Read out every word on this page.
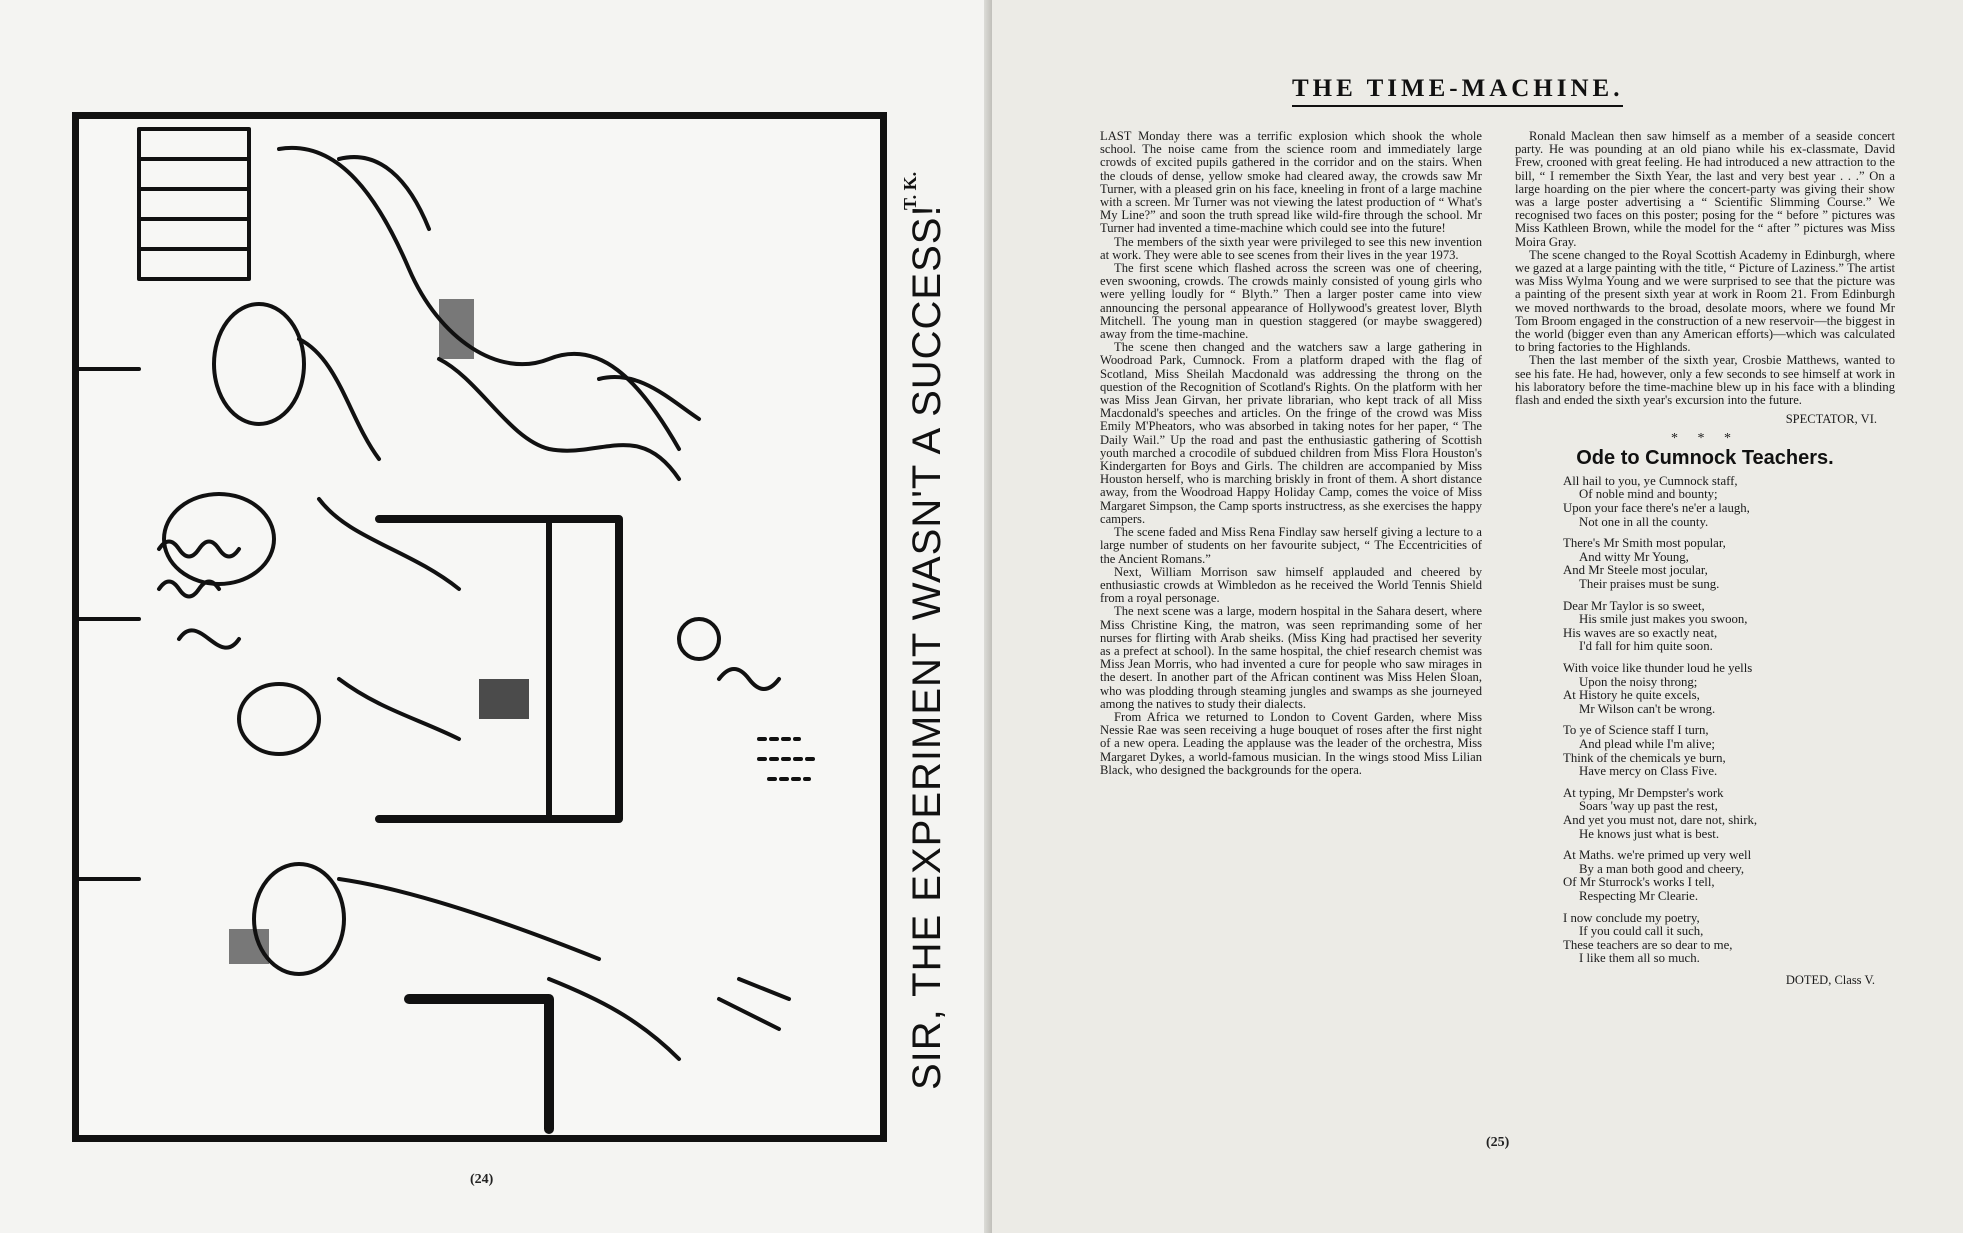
T. K.
SIR, THE EXPERIMENT WASN'T A SUCCESS!
(24)
THE TIME-MACHINE.

LAST Monday there was a terrific explosion which shook the whole school. The noise came from the science room and immediately large crowds of excited pupils gathered in the corridor and on the stairs. When the clouds of dense, yellow smoke had cleared away, the crowds saw Mr Turner, with a pleased grin on his face, kneeling in front of a large machine with a screen. Mr Turner was not viewing the latest production of “ What's My Line?” and soon the truth spread like wild-fire through the school. Mr Turner had invented a time-machine which could see into the future!

The members of the sixth year were privileged to see this new invention at work. They were able to see scenes from their lives in the year 1973.

The first scene which flashed across the screen was one of cheering, even swooning, crowds. The crowds mainly consisted of young girls who were yelling loudly for “ Blyth.” Then a larger poster came into view announcing the personal appearance of Hollywood's greatest lover, Blyth Mitchell. The young man in question staggered (or maybe swaggered) away from the time-machine.

The scene then changed and the watchers saw a large gathering in Woodroad Park, Cumnock. From a platform draped with the flag of Scotland, Miss Sheilah Macdonald was addressing the throng on the question of the Recognition of Scotland's Rights. On the platform with her was Miss Jean Girvan, her private librarian, who kept track of all Miss Macdonald's speeches and articles. On the fringe of the crowd was Miss Emily M'Pheators, who was absorbed in taking notes for her paper, “ The Daily Wail.” Up the road and past the enthusiastic gathering of Scottish youth marched a crocodile of subdued children from Miss Flora Houston's Kindergarten for Boys and Girls. The children are accompanied by Miss Houston herself, who is marching briskly in front of them. A short distance away, from the Woodroad Happy Holiday Camp, comes the voice of Miss Margaret Simpson, the Camp sports instructress, as she exercises the happy campers.

The scene faded and Miss Rena Findlay saw herself giving a lecture to a large number of students on her favourite subject, “ The Eccentricities of the Ancient Romans.”

Next, William Morrison saw himself applauded and cheered by enthusiastic crowds at Wimbledon as he received the World Tennis Shield from a royal personage.

The next scene was a large, modern hospital in the Sahara desert, where Miss Christine King, the matron, was seen reprimanding some of her nurses for flirting with Arab sheiks. (Miss King had practised her severity as a prefect at school). In the same hospital, the chief research chemist was Miss Jean Morris, who had invented a cure for people who saw mirages in the desert. In another part of the African continent was Miss Helen Sloan, who was plodding through steaming jungles and swamps as she journeyed among the natives to study their dialects.

From Africa we returned to London to Covent Garden, where Miss Nessie Rae was seen receiving a huge bouquet of roses after the first night of a new opera. Leading the applause was the leader of the orchestra, Miss Margaret Dykes, a world-famous musician. In the wings stood Miss Lilian Black, who designed the backgrounds for the opera.

Ronald Maclean then saw himself as a member of a seaside concert party. He was pounding at an old piano while his ex-classmate, David Frew, crooned with great feeling. He had introduced a new attraction to the bill, “ I remember the Sixth Year, the last and very best year . . .” On a large hoarding on the pier where the concert-party was giving their show was a large poster advertising a “ Scientific Slimming Course.” We recognised two faces on this poster; posing for the “ before ” pictures was Miss Kathleen Brown, while the model for the “ after ” pictures was Miss Moira Gray.

The scene changed to the Royal Scottish Academy in Edinburgh, where we gazed at a large painting with the title, “ Picture of Laziness.” The artist was Miss Wylma Young and we were surprised to see that the picture was a painting of the present sixth year at work in Room 21. From Edinburgh we moved northwards to the broad, desolate moors, where we found Mr Tom Broom engaged in the construction of a new reservoir—the biggest in the world (bigger even than any American efforts)—which was calculated to bring factories to the Highlands.

Then the last member of the sixth year, Crosbie Matthews, wanted to see his fate. He had, however, only a few seconds to see himself at work in his laboratory before the time-machine blew up in his face with a blinding flash and ended the sixth year's excursion into the future.

SPECTATOR, VI.

* * *
Ode to Cumnock Teachers.
All hail to you, ye Cumnock staff,
Of noble mind and bounty;
Upon your face there's ne'er a laugh,
Not one in all the county.
There's Mr Smith most popular,
And witty Mr Young,
And Mr Steele most jocular,
Their praises must be sung.
Dear Mr Taylor is so sweet,
His smile just makes you swoon,
His waves are so exactly neat,
I'd fall for him quite soon.
With voice like thunder loud he yells
Upon the noisy throng;
At History he quite excels,
Mr Wilson can't be wrong.
To ye of Science staff I turn,
And plead while I'm alive;
Think of the chemicals ye burn,
Have mercy on Class Five.
At typing, Mr Dempster's work
Soars 'way up past the rest,
And yet you must not, dare not, shirk,
He knows just what is best.
At Maths. we're primed up very well
By a man both good and cheery,
Of Mr Sturrock's works I tell,
Respecting Mr Clearie.
I now conclude my poetry,
If you could call it such,
These teachers are so dear to me,
I like them all so much.
DOTED, Class V.
(25)
